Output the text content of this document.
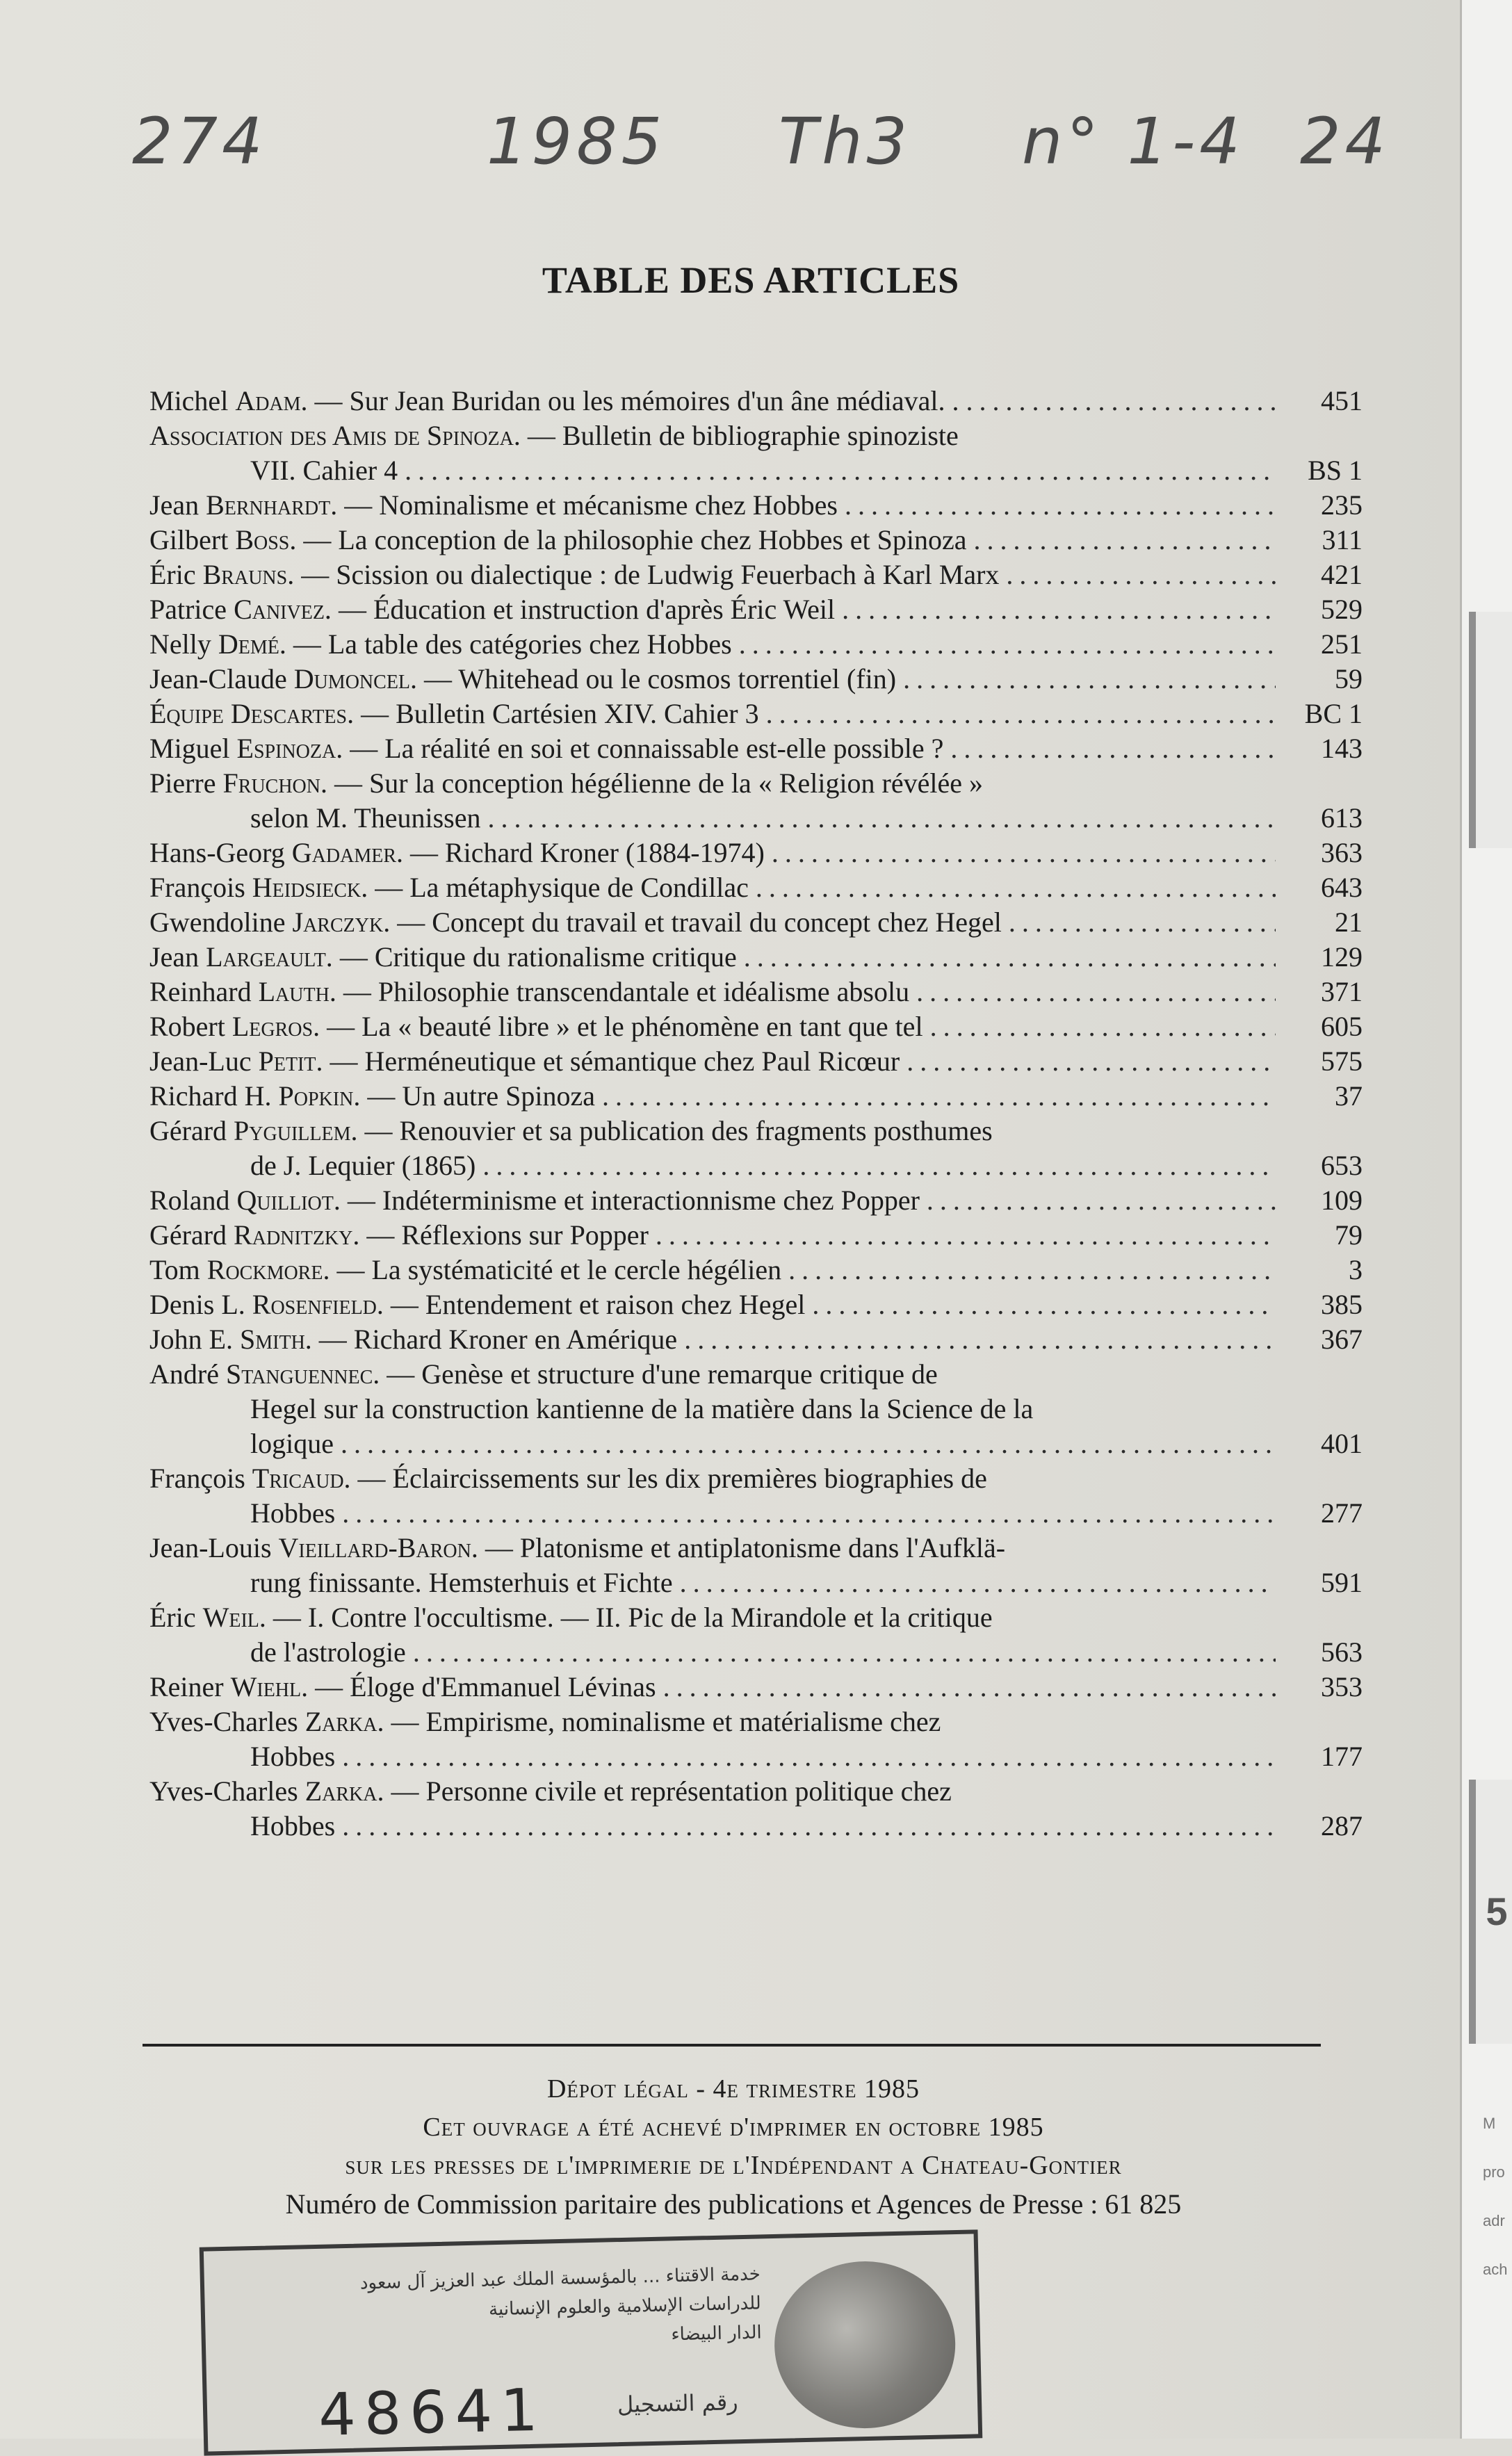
274	1985 Th3 n° 1-4 24
TABLE DES ARTICLES
Michel Adam. — Sur Jean Buridan ou les mémoires d'un âne médiaval. . .....	451
Association des Amis de Spinoza. — Bulletin de bibliographie spinoziste
VII. Cahier 4 .....	BS 1
Jean Bernhardt. — Nominalisme et mécanisme chez Hobbes .....	235
Gilbert Boss. — La conception de la philosophie chez Hobbes et Spinoza .....	311
Éric Brauns. — Scission ou dialectique : de Ludwig Feuerbach à Karl Marx .....	421
Patrice Canivez. — Éducation et instruction d'après Éric Weil .....	529
Nelly Demé. — La table des catégories chez Hobbes .....	251
Jean-Claude Dumoncel. — Whitehead ou le cosmos torrentiel (fin) .....	59
Équipe Descartes. — Bulletin Cartésien XIV. Cahier 3 .....	BC 1
Miguel Espinoza. — La réalité en soi et connaissable est-elle possible ? .....	143
Pierre Fruchon. — Sur la conception hégélienne de la « Religion révélée »
selon M. Theunissen .....	613
Hans-Georg Gadamer. — Richard Kroner (1884-1974) .....	363
François Heidsieck. — La métaphysique de Condillac .....	643
Gwendoline Jarczyk. — Concept du travail et travail du concept chez Hegel .....	21
Jean Largeault. — Critique du rationalisme critique .....	129
Reinhard Lauth. — Philosophie transcendantale et idéalisme absolu .....	371
Robert Legros. — La « beauté libre » et le phénomène en tant que tel .....	605
Jean-Luc Petit. — Herméneutique et sémantique chez Paul Ricœur .....	575
Richard H. Popkin. — Un autre Spinoza .....	37
Gérard Pyguillem. — Renouvier et sa publication des fragments posthumes
de J. Lequier (1865) .....	653
Roland Quilliot. — Indéterminisme et interactionnisme chez Popper .....	109
Gérard Radnitzky. — Réflexions sur Popper .....	79
Tom Rockmore. — La systématicité et le cercle hégélien .....	3
Denis L. Rosenfield. — Entendement et raison chez Hegel .....	385
John E. Smith. — Richard Kroner en Amérique .....	367
André Stanguennec. — Genèse et structure d'une remarque critique de
Hegel sur la construction kantienne de la matière dans la Science de la
logique .....	401
François Tricaud. — Éclaircissements sur les dix premières biographies de
Hobbes .....	277
Jean-Louis Vieillard-Baron. — Platonisme et antiplatonisme dans l'Aufklä-
rung finissante. Hemsterhuis et Fichte .....	591
Éric Weil. — I. Contre l'occultisme. — II. Pic de la Mirandole et la critique
de l'astrologie .....	563
Reiner Wiehl. — Éloge d'Emmanuel Lévinas .....	353
Yves-Charles Zarka. — Empirisme, nominalisme et matérialisme chez
Hobbes .....	177
Yves-Charles Zarka. — Personne civile et représentation politique chez
Hobbes .....	287
Dépot légal - 4e trimestre 1985
Cet ouvrage a été achevé d'imprimer en octobre 1985
sur les presses de l'imprimerie de l'Indépendant a Chateau-Gontier
Numéro de Commission paritaire des publications et Agences de Presse : 61 825
خدمة الاقتناء ... بالمؤسسة الملك عبد العزيز آل سعود
للدراسات الإسلامية والعلوم الإنسانية
الدار البيضاء
48641	رقم التسجيل
5
M
pro
adr
ach
